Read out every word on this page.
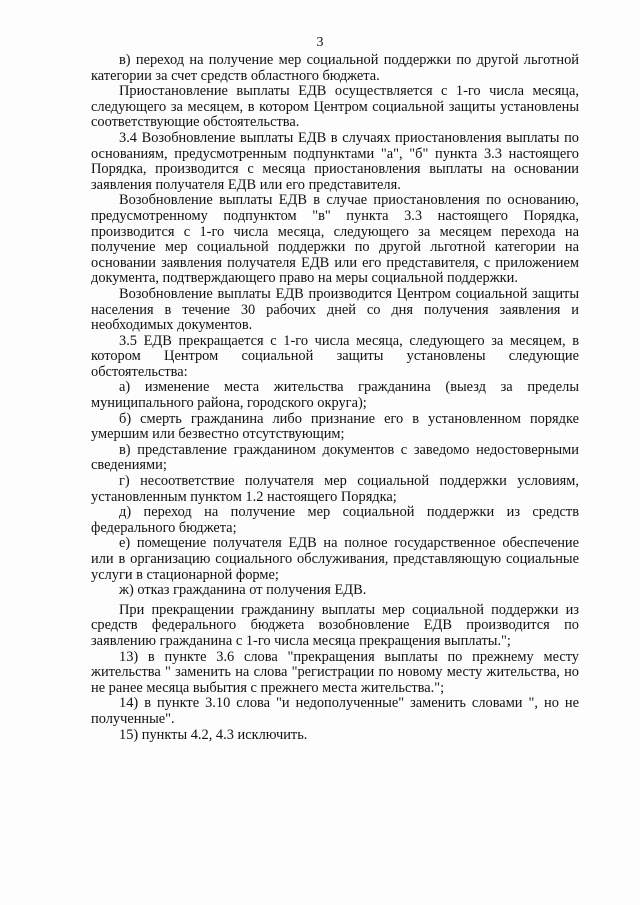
3

в) переход на получение мер социальной поддержки по другой льготной категории за счет средств областного бюджета.

Приостановление выплаты ЕДВ осуществляется с 1-го числа месяца, следующего за месяцем, в котором Центром социальной защиты установлены соответствующие обстоятельства.

3.4 Возобновление выплаты ЕДВ в случаях приостановления выплаты по основаниям, предусмотренным подпунктами "а", "б" пункта 3.3 настоящего Порядка, производится с месяца приостановления выплаты на основании заявления получателя ЕДВ или его представителя.

Возобновление выплаты ЕДВ в случае приостановления по основанию, предусмотренному подпунктом "в" пункта 3.3 настоящего Порядка, производится с 1-го числа месяца, следующего за месяцем перехода на получение мер социальной поддержки по другой льготной категории на основании заявления получателя ЕДВ или его представителя, с приложением документа, подтверждающего право на меры социальной поддержки.

Возобновление выплаты ЕДВ производится Центром социальной защиты населения в течение 30 рабочих дней со дня получения заявления и необходимых документов.

3.5 ЕДВ прекращается с 1-го числа месяца, следующего за месяцем, в котором Центром социальной защиты установлены следующие обстоятельства:

а) изменение места жительства гражданина (выезд за пределы муниципального района, городского округа);

б) смерть гражданина либо признание его в установленном порядке умершим или безвестно отсутствующим;

в) представление гражданином документов с заведомо недостоверными сведениями;

г) несоответствие получателя мер социальной поддержки условиям, установленным пунктом 1.2 настоящего Порядка;

д) переход на получение мер социальной поддержки из средств федерального бюджета;

е) помещение получателя ЕДВ на полное государственное обеспечение или в организацию социального обслуживания, представляющую социальные услуги в стационарной форме;

ж) отказ гражданина от получения ЕДВ.

При прекращении гражданину выплаты мер социальной поддержки из средств федерального бюджета возобновление ЕДВ производится по заявлению гражданина с 1-го числа месяца прекращения выплаты.";

13) в пункте 3.6 слова "прекращения выплаты по прежнему месту жительства " заменить на слова "регистрации по новому месту жительства, но не ранее месяца выбытия с прежнего места жительства.";

14) в пункте 3.10 слова "и недополученные" заменить словами ", но не полученные".

15) пункты 4.2, 4.3 исключить.
